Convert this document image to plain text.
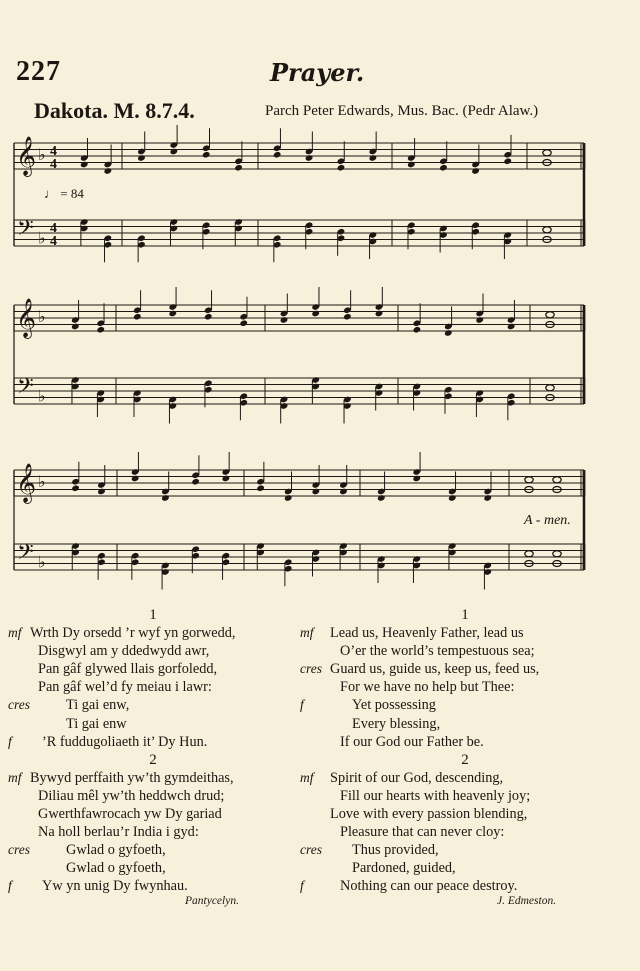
227	Prayer.
Dakota. M. 8.7.4.	Parch Peter Edwards, Mus. Bac. (Pedr Alaw.)
♩ = 84
A - men.
𝄞 ♭ 4
4
𝄢 ♭ 4
4
𝄞 ♭
𝄢 ♭
𝄞 ♭
𝄢 ♭
1
mf Wrth Dy orsedd ’r wyf yn gorwedd,
Disgwyl am y ddedwydd awr,
Pan gâf glywed llais gorfoledd,
Pan gâf wel’d fy meiau i lawr:
cres	Ti gai enw,
Ti gai enw
f ’R fuddugoliaeth it’ Dy Hun.
2
mf Bywyd perffaith yw’th gymdeithas,
Diliau mêl yw’th heddwch drud;
Gwerthfawrocach yw Dy gariad
Na holl berlau’r India i gyd:
cres	Gwlad o gyfoeth,
Gwlad o gyfoeth,
f Yw yn unig Dy fwynhau.
1
mf Lead us, Heavenly Father, lead us
O’er the world’s tempestuous sea;
cres Guard us, guide us, keep us, feed us,
For we have no help but Thee:
f	Yet possessing
Every blessing,
If our God our Father be.
2
mf Spirit of our God, descending,
Fill our hearts with heavenly joy;
Love with every passion blending,
Pleasure that can never cloy:
cres Thus provided,
Pardoned, guided,
f	Nothing can our peace destroy.
Pantycelyn.	J. Edmeston.
